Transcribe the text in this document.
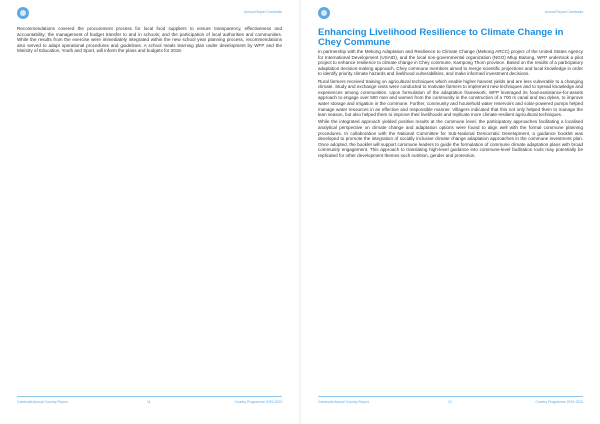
Annual Report Cambodia

Recommendations covered the procurement process for local food suppliers to ensure transparency, effectiveness and accountability; the management of budget transfer to and in schools; and the participation of local authorities and communities. While the results from the exercise were immediately integrated within the new school year planning process, recommendations also served to adapt operational procedures and guidelines. A school meals learning plan under development by WFP and the Ministry of Education, Youth and Sport, will inform the plans and budgets for 2018.

Cambodia Annual Country Report	11	Country Programme 2019-2023
Annual Report Cambodia
Enhancing Livelihood Resilience to Climate Change in Chey Commune

In partnership with the Mekong Adaptation and Resilience to Climate Change (Mekong ARCC) project of the United States Agency for International Development (USAID), and the local non-governmental organization (NGO) Mlup Baitong, WFP undertook a pilot project to enhance resilience to climate change in Chey commune, Kampong Thom province. Based on the results of a participatory adaptation decision-making approach, Chey commune members aimed to merge scientific projections and local knowledge in order to identify priority climate hazards and livelihood vulnerabilities, and make informed investment decisions.

Rural farmers received training on agricultural techniques which enable higher harvest yields and are less vulnerable to a changing climate. Study and exchange visits were conducted to motivate farmers to implement new techniques and to spread knowledge and experiences among communities. Upon formulation of the adaptation framework, WFP leveraged its food-assistance-for-assets approach to engage over 500 men and women from the community in the construction of a 700 m canal and two dykes, to improve water storage and irrigation in the commune. Further, community and household water reservoirs and solar-powered pumps helped manage water resources in an effective and responsible manner. Villagers indicated that this not only helped them to manage the lean season, but also helped them to improve their livelihoods and replicate more climate-resilient agricultural techniques.

While the integrated approach yielded positive results at the commune level, the participatory approaches facilitating a localised analytical perspective on climate change and adaptation options were found to align well with the formal commune planning procedures. In collaboration with the National Committee for Sub-National Democratic Development, a guidance booklet was developed to promote the integration of socially inclusive climate change adaptation approaches in the commune investment plan. Once adopted, the booklet will support commune leaders to guide the formulation of commune climate adaptation plans with broad community engagement. This approach to translating high-level guidance into commune-level facilitation tools may potentially be replicated for other development themes such nutrition, gender and protection.

Cambodia Annual Country Report	12	Country Programme 2019-2023
